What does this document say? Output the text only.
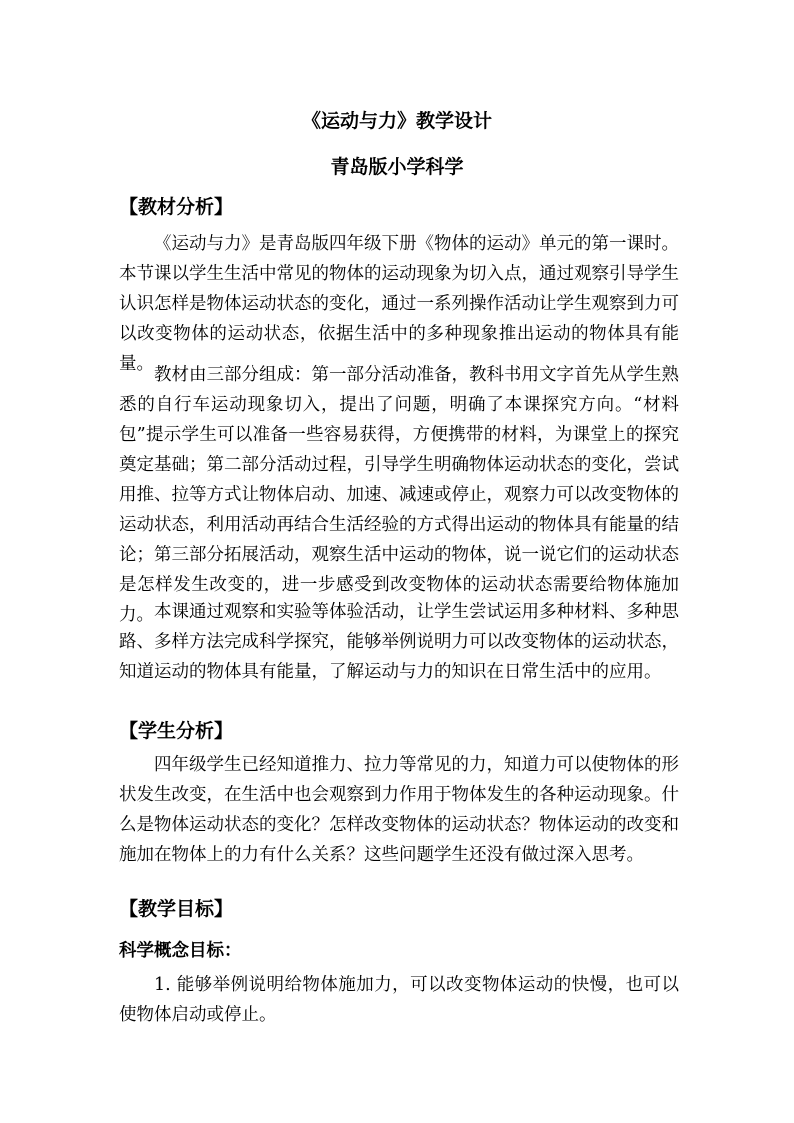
《运动与力》教学设计
青岛版小学科学
【教材分析】
《运动与力》是青岛版四年级下册《物体的运动》单元的第一课时。本节课以学生生活中常见的物体的运动现象为切入点，通过观察引导学生认识怎样是物体运动状态的变化，通过一系列操作活动让学生观察到力可以改变物体的运动状态，依据生活中的多种现象推出运动的物体具有能量。
教材由三部分组成：第一部分活动准备，教科书用文字首先从学生熟悉的自行车运动现象切入，提出了问题，明确了本课探究方向。“材料包”提示学生可以准备一些容易获得，方便携带的材料，为课堂上的探究奠定基础；第二部分活动过程，引导学生明确物体运动状态的变化，尝试用推、拉等方式让物体启动、加速、减速或停止，观察力可以改变物体的运动状态，利用活动再结合生活经验的方式得出运动的物体具有能量的结论；第三部分拓展活动，观察生活中运动的物体，说一说它们的运动状态是怎样发生改变的，进一步感受到改变物体的运动状态需要给物体施加力。 本课通过观察和实验等体验活动，让学生尝试运用多种材料、多种思路、多样方法完成科学探究，能够举例说明力可以改变物体的运动状态，知道运动的物体具有能量，了解运动与力的知识在日常生活中的应用。
【学生分析】
四年级学生已经知道推力、拉力等常见的力，知道力可以使物体的形状发生改变，在生活中也会观察到力作用于物体发生的各种运动现象。什么是物体运动状态的变化？怎样改变物体的运动状态？物体运动的改变和施加在物体上的力有什么关系？这些问题学生还没有做过深入思考。
【教学目标】
科学概念目标：
1. 能够举例说明给物体施加力，可以改变物体运动的快慢，也可以使物体启动或停止。
